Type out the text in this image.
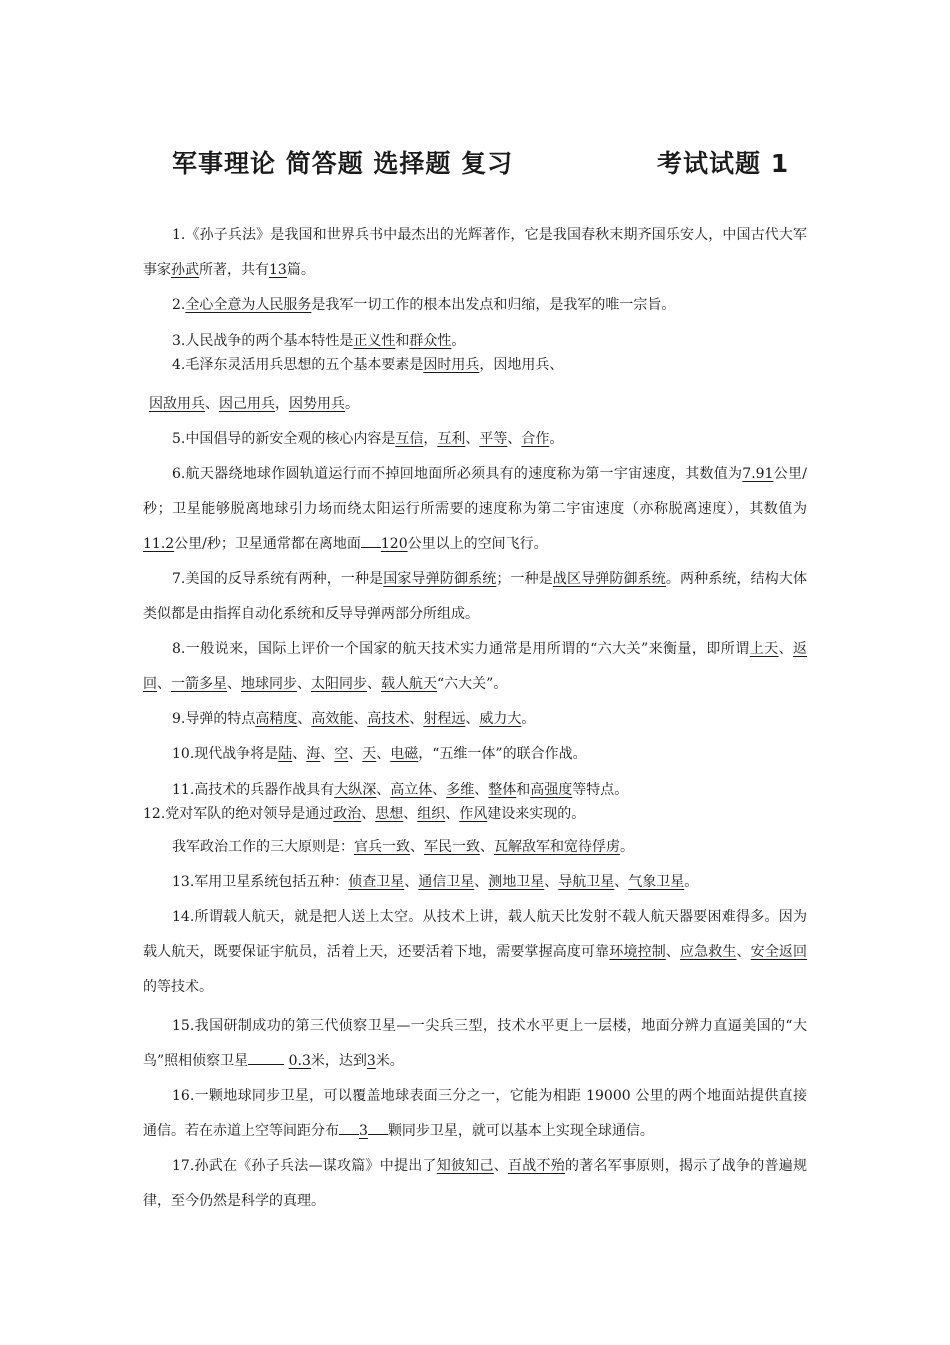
军事理论 简答题 选择题 复习	考试试题 1

1.《孙子兵法》是我国和世界兵书中最杰出的光辉著作，它是我国春秋末期齐国乐安人，中国古代大军事家孙武所著，共有13篇。

2.全心全意为人民服务是我军一切工作的根本出发点和归缩，是我军的唯一宗旨。

3.人民战争的两个基本特性是正义性和群众性。

4.毛泽东灵活用兵思想的五个基本要素是因时用兵，因地用兵、

因敌用兵、因己用兵，因势用兵。

5.中国倡导的新安全观的核心内容是互信，互利、平等、合作。

6.航天器绕地球作圆轨道运行而不掉回地面所必须具有的速度称为第一宇宙速度，其数值为7.91公里/秒；卫星能够脱离地球引力场而绕太阳运行所需要的速度称为第二宇宙速度（亦称脱离速度），其数值为11.2公里/秒；卫星通常都在离地面 120公里以上的空间飞行。

7.美国的反导系统有两种，一种是国家导弹防御系统；一种是战区导弹防御系统。两种系统，结构大体类似都是由指挥自动化系统和反导导弹两部分所组成。

8.一般说来，国际上评价一个国家的航天技术实力通常是用所谓的“六大关”来衡量，即所谓上天、返回、一箭多星、地球同步、太阳同步、载人航天“六大关”。

9.导弹的特点高精度、高效能、高技术、射程远、威力大。

10.现代战争将是陆、海、空、天、电磁，“五维一体”的联合作战。

11.高技术的兵器作战具有大纵深、高立体、多维、整体和高强度等特点。

12.党对军队的绝对领导是通过政治、思想、组织、作风建设来实现的。

我军政治工作的三大原则是：官兵一致、军民一致、瓦解敌军和宽待俘虏。

13.军用卫星系统包括五种：侦查卫星、通信卫星、测地卫星、导航卫星、气象卫星。

14.所谓载人航天，就是把人送上太空。从技术上讲，载人航天比发射不载人航天器要困难得多。因为载人航天，既要保证宇航员，活着上天，还要活着下地，需要掌握高度可靠环境控制、应急救生、安全返回的等技术。

15.我国研制成功的第三代侦察卫星—一尖兵三型，技术水平更上一层楼，地面分辨力直逼美国的“大鸟”照相侦察卫星	0.3米，达到3米。

16.一颗地球同步卫星，可以覆盖地球表面三分之一，它能为相距 19000 公里的两个地面站提供直接通信。若在赤道上空等间距分布 3 颗同步卫星，就可以基本上实现全球通信。

17.孙武在《孙子兵法—谋攻篇》中提出了知彼知己、百战不殆的著名军事原则，揭示了战争的普遍规律，至今仍然是科学的真理。
